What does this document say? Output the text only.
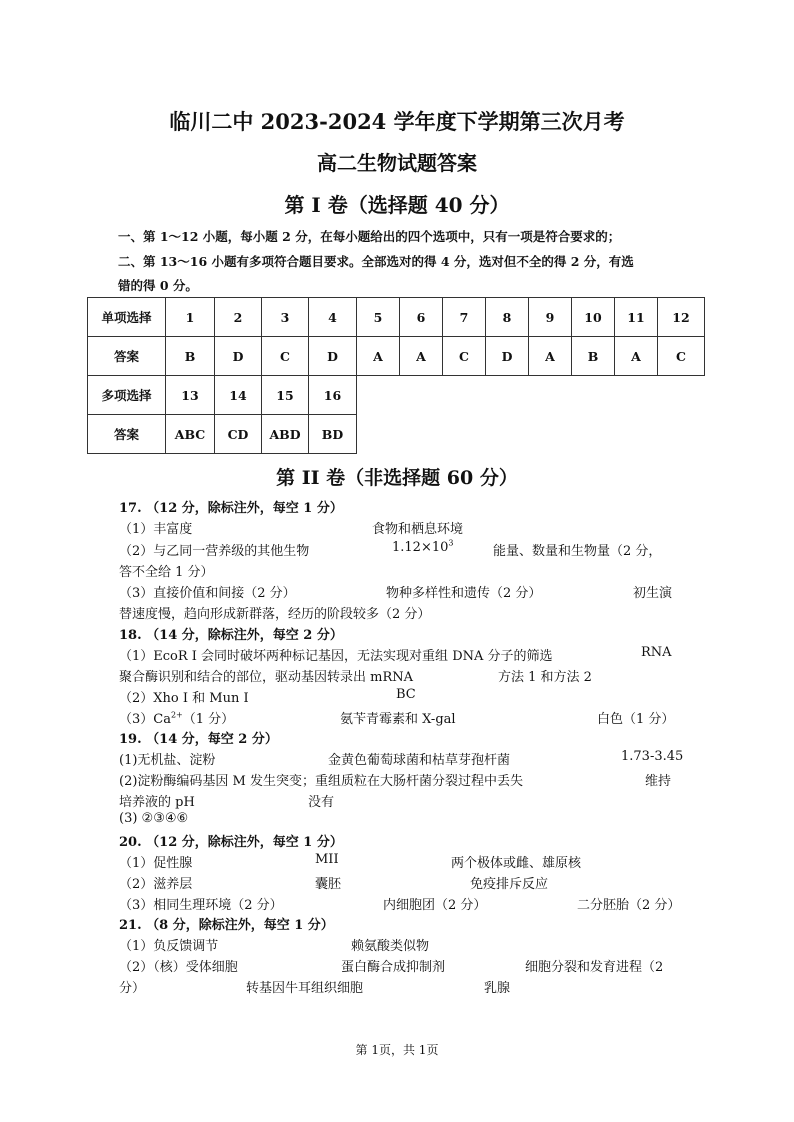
临川二中 2023-2024 学年度下学期第三次月考
高二生物试题答案
第 I 卷（选择题 40 分）
一、第 1～12 小题，每小题 2 分，在每小题给出的四个选项中，只有一项是符合要求的；
二、第 13～16 小题有多项符合题目要求。全部选对的得 4 分，选对但不全的得 2 分，有选
错的得 0 分。
单项选择	1	2	3	4	5	6	7	8	9	10	11	12
答案	B	D	C	D	A	A	C	D	A	B	A	C
多项选择	13	14	15	16
答案	ABC	CD	ABD	BD
第 II 卷（非选择题 60 分）
17. （12 分，除标注外，每空 1 分）
（1）丰富度	食物和栖息环境
（2）与乙同一营养级的其他生物	$1.12\times 10^3$
能量、数量和生物量（2 分，
答不全给 1 分）
（3）直接价值和间接（2 分）	物种多样性和遗传（2 分）	初生演
替速度慢，趋向形成新群落，经历的阶段较多（2 分）
18. （14 分，除标注外，每空 2 分）
（1）EcoR I 会同时破坏两种标记基因，无法实现对重组 DNA 分子的筛选	RNA
聚合酶识别和结合的部位，驱动基因转录出 mRNA	方法 1 和方法 2
（2）Xho I 和 Mun I	BC
$(3)Ca^{2+}(1$ 分）	氨苄青霉素和 X-gal	白色（1 分）
19. （14 分，每空 2 分）
(1)无机盐、淀粉	金黄色葡萄球菌和枯草芽孢杆菌	1.73-3.45
(2)淀粉酶编码基因 M 发生突变；重组质粒在大肠杆菌分裂过程中丢失	维持
培养液的 pH	没有
(3) ②③④⑥
20. （12 分，除标注外，每空 1 分）
（1）促性腺	MII	两个极体或雌、雄原核
（2）滋养层	囊胚	免疫排斥反应
（3）相同生理环境（2 分）	内细胞团（2 分）	二分胚胎（2 分）
21. （8 分，除标注外，每空 1 分）
（1）负反馈调节	赖氨酸类似物
（2）（核）受体细胞	蛋白酶合成抑制剂	细胞分裂和发育进程（2
分）	转基因牛耳组织细胞	乳腺
第 1页，共 1页
